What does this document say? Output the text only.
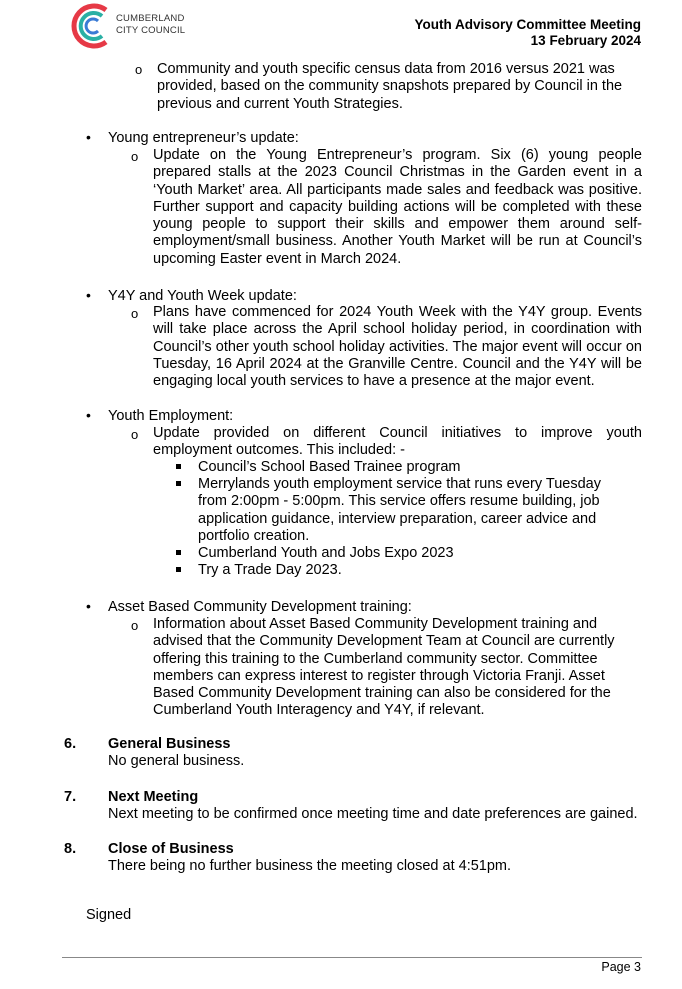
CUMBERLAND
CITY COUNCIL	Youth Advisory Committee Meeting
13 February 2024
o Community and youth specific census data from 2016 versus 2021 was provided, based on the community snapshots prepared by Council in the previous and current Youth Strategies.
• Young entrepreneur’s update:
o Update on the Young Entrepreneur’s program. Six (6) young people prepared stalls at the 2023 Council Christmas in the Garden event in a ‘Youth Market’ area. All participants made sales and feedback was positive. Further support and capacity building actions will be completed with these young people to support their skills and empower them around self-employment/small business. Another Youth Market will be run at Council’s upcoming Easter event in March 2024.
• Y4Y and Youth Week update:
o Plans have commenced for 2024 Youth Week with the Y4Y group. Events will take place across the April school holiday period, in coordination with Council’s other youth school holiday activities. The major event will occur on Tuesday, 16 April 2024 at the Granville Centre. Council and the Y4Y will be engaging local youth services to have a presence at the major event.
• Youth Employment:
o Update provided on different Council initiatives to improve youth employment outcomes. This included: -
Council’s School Based Trainee program
Merrylands youth employment service that runs every Tuesday from 2:00pm - 5:00pm. This service offers resume building, job application guidance, interview preparation, career advice and portfolio creation.
Cumberland Youth and Jobs Expo 2023
Try a Trade Day 2023.
• Asset Based Community Development training:
o Information about Asset Based Community Development training and advised that the Community Development Team at Council are currently offering this training to the Cumberland community sector. Committee members can express interest to register through Victoria Franji. Asset Based Community Development training can also be considered for the Cumberland Youth Interagency and Y4Y, if relevant.
6. General Business
No general business.
7. Next Meeting
Next meeting to be confirmed once meeting time and date preferences are gained.
8. Close of Business
There being no further business the meeting closed at 4:51pm.
Signed
Page 3
